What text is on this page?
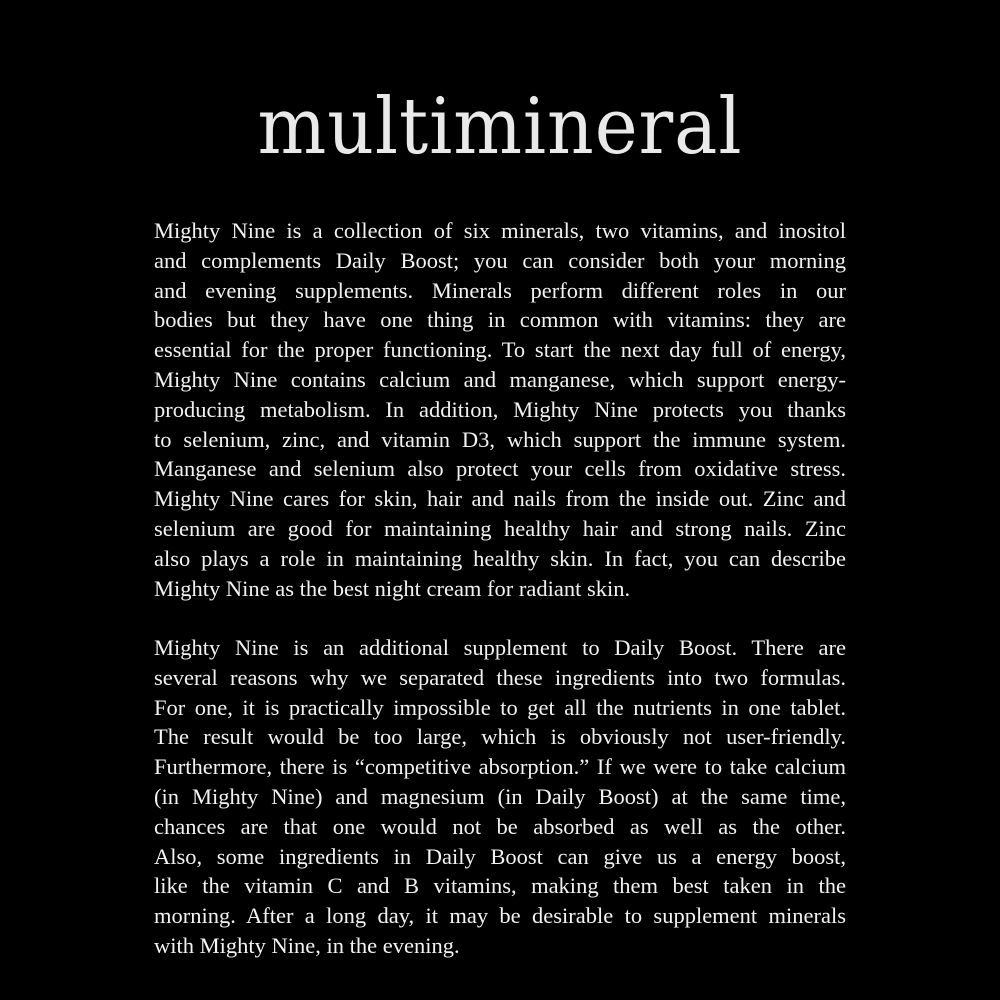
multimineral
Mighty Nine is a collection of six minerals, two vitamins, and inositol
and complements Daily Boost; you can consider both your morning
and evening supplements. Minerals perform different roles in our
bodies but they have one thing in common with vitamins: they are
essential for the proper functioning. To start the next day full of energy,
Mighty Nine contains calcium and manganese, which support energy-
producing metabolism. In addition, Mighty Nine protects you thanks
to selenium, zinc, and vitamin D3, which support the immune system.
Manganese and selenium also protect your cells from oxidative stress.
Mighty Nine cares for skin, hair and nails from the inside out. Zinc and
selenium are good for maintaining healthy hair and strong nails. Zinc
also plays a role in maintaining healthy skin. In fact, you can describe
Mighty Nine as the best night cream for radiant skin.
Mighty Nine is an additional supplement to Daily Boost. There are
several reasons why we separated these ingredients into two formulas.
For one, it is practically impossible to get all the nutrients in one tablet.
The result would be too large, which is obviously not user-friendly.
Furthermore, there is “competitive absorption.” If we were to take calcium
(in Mighty Nine) and magnesium (in Daily Boost) at the same time,
chances are that one would not be absorbed as well as the other.
Also, some ingredients in Daily Boost can give us a energy boost,
like the vitamin C and B vitamins, making them best taken in the
morning. After a long day, it may be desirable to supplement minerals
with Mighty Nine, in the evening.
